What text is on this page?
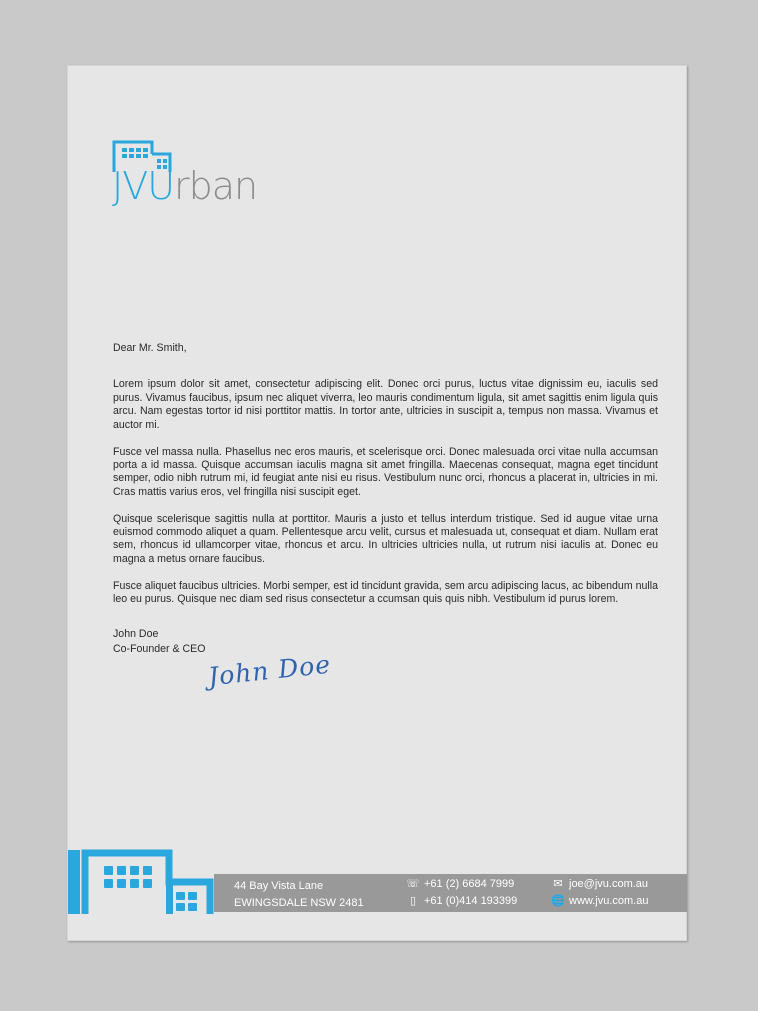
JVUrban

Dear Mr. Smith,

Lorem ipsum dolor sit amet, consectetur adipiscing elit. Donec orci purus, luctus vitae dignissim eu, iaculis sed purus. Vivamus faucibus, ipsum nec aliquet viverra, leo mauris condimentum ligula, sit amet sagittis enim ligula quis arcu. Nam egestas tortor id nisi porttitor mattis. In tortor ante, ultricies in suscipit a, tempus non massa. Vivamus et auctor mi.

Fusce vel massa nulla. Phasellus nec eros mauris, et scelerisque orci. Donec malesuada orci vitae nulla accumsan porta a id massa. Quisque accumsan iaculis magna sit amet fringilla. Maecenas consequat, magna eget tincidunt semper, odio nibh rutrum mi, id feugiat ante nisi eu risus. Vestibulum nunc orci, rhoncus a placerat in, ultricies in mi. Cras mattis varius eros, vel fringilla nisi suscipit eget.

Quisque scelerisque sagittis nulla at porttitor. Mauris a justo et tellus interdum tristique. Sed id augue vitae urna euismod commodo aliquet a quam. Pellentesque arcu velit, cursus et malesuada ut, consequat et diam. Nullam erat sem, rhoncus id ullamcorper vitae, rhoncus et arcu. In ultricies ultricies nulla, ut rutrum nisi iaculis at. Donec eu magna a metus ornare faucibus.

Fusce aliquet faucibus ultricies. Morbi semper, est id tincidunt gravida, sem arcu adipiscing lacus, ac bibendum nulla leo eu purus. Quisque nec diam sed risus consectetur a ccumsan quis quis nibh. Vestibulum id purus lorem.

John Doe
Co-Founder & CEO
John Doe
44 Bay Vista Lane
EWINGSDALE NSW 2481
☏ +61 (2) 6684 7999
▯ +61 (0)414 193399
✉ joe@jvu.com.au
🌐 www.jvu.com.au
